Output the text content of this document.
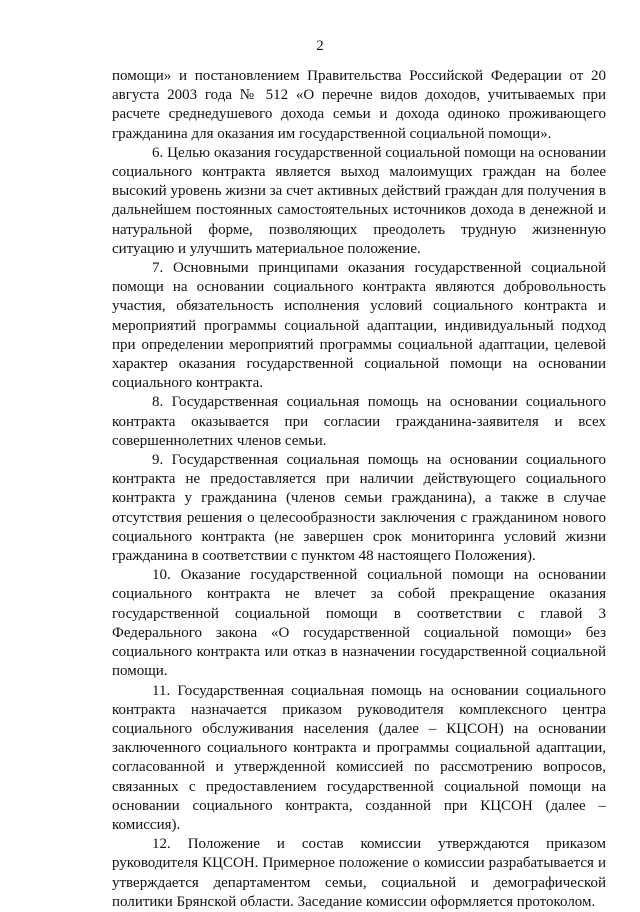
2

помощи» и постановлением Правительства Российской Федерации от 20 августа 2003 года № 512 «О перечне видов доходов, учитываемых при расчете среднедушевого дохода семьи и дохода одиноко проживающего гражданина для оказания им государственной социальной помощи».

6. Целью оказания государственной социальной помощи на основании социального контракта является выход малоимущих граждан на более высокий уровень жизни за счет активных действий граждан для получения в дальнейшем постоянных самостоятельных источников дохода в денежной и натуральной форме, позволяющих преодолеть трудную жизненную ситуацию и улучшить материальное положение.

7. Основными принципами оказания государственной социальной помощи на основании социального контракта являются добровольность участия, обязательность исполнения условий социального контракта и мероприятий программы социальной адаптации, индивидуальный подход при определении мероприятий программы социальной адаптации, целевой характер оказания государственной социальной помощи на основании социального контракта.

8. Государственная социальная помощь на основании социального контракта оказывается при согласии гражданина-заявителя и всех совершеннолетних членов семьи.

9. Государственная социальная помощь на основании социального контракта не предоставляется при наличии действующего социального контракта у гражданина (членов семьи гражданина), а также в случае отсутствия решения о целесообразности заключения с гражданином нового социального контракта (не завершен срок мониторинга условий жизни гражданина в соответствии с пунктом 48 настоящего Положения).

10. Оказание государственной социальной помощи на основании социального контракта не влечет за собой прекращение оказания государственной социальной помощи в соответствии с главой 3 Федерального закона «О государственной социальной помощи» без социального контракта или отказ в назначении государственной социальной помощи.

11. Государственная социальная помощь на основании социального контракта назначается приказом руководителя комплексного центра социального обслуживания населения (далее – КЦСОН) на основании заключенного социального контракта и программы социальной адаптации, согласованной и утвержденной комиссией по рассмотрению вопросов, связанных с предоставлением государственной социальной помощи на основании социального контракта, созданной при КЦСОН (далее – комиссия).

12. Положение и состав комиссии утверждаются приказом руководителя КЦСОН. Примерное положение о комиссии разрабатывается и утверждается департаментом семьи, социальной и демографической политики Брянской области. Заседание комиссии оформляется протоколом.
